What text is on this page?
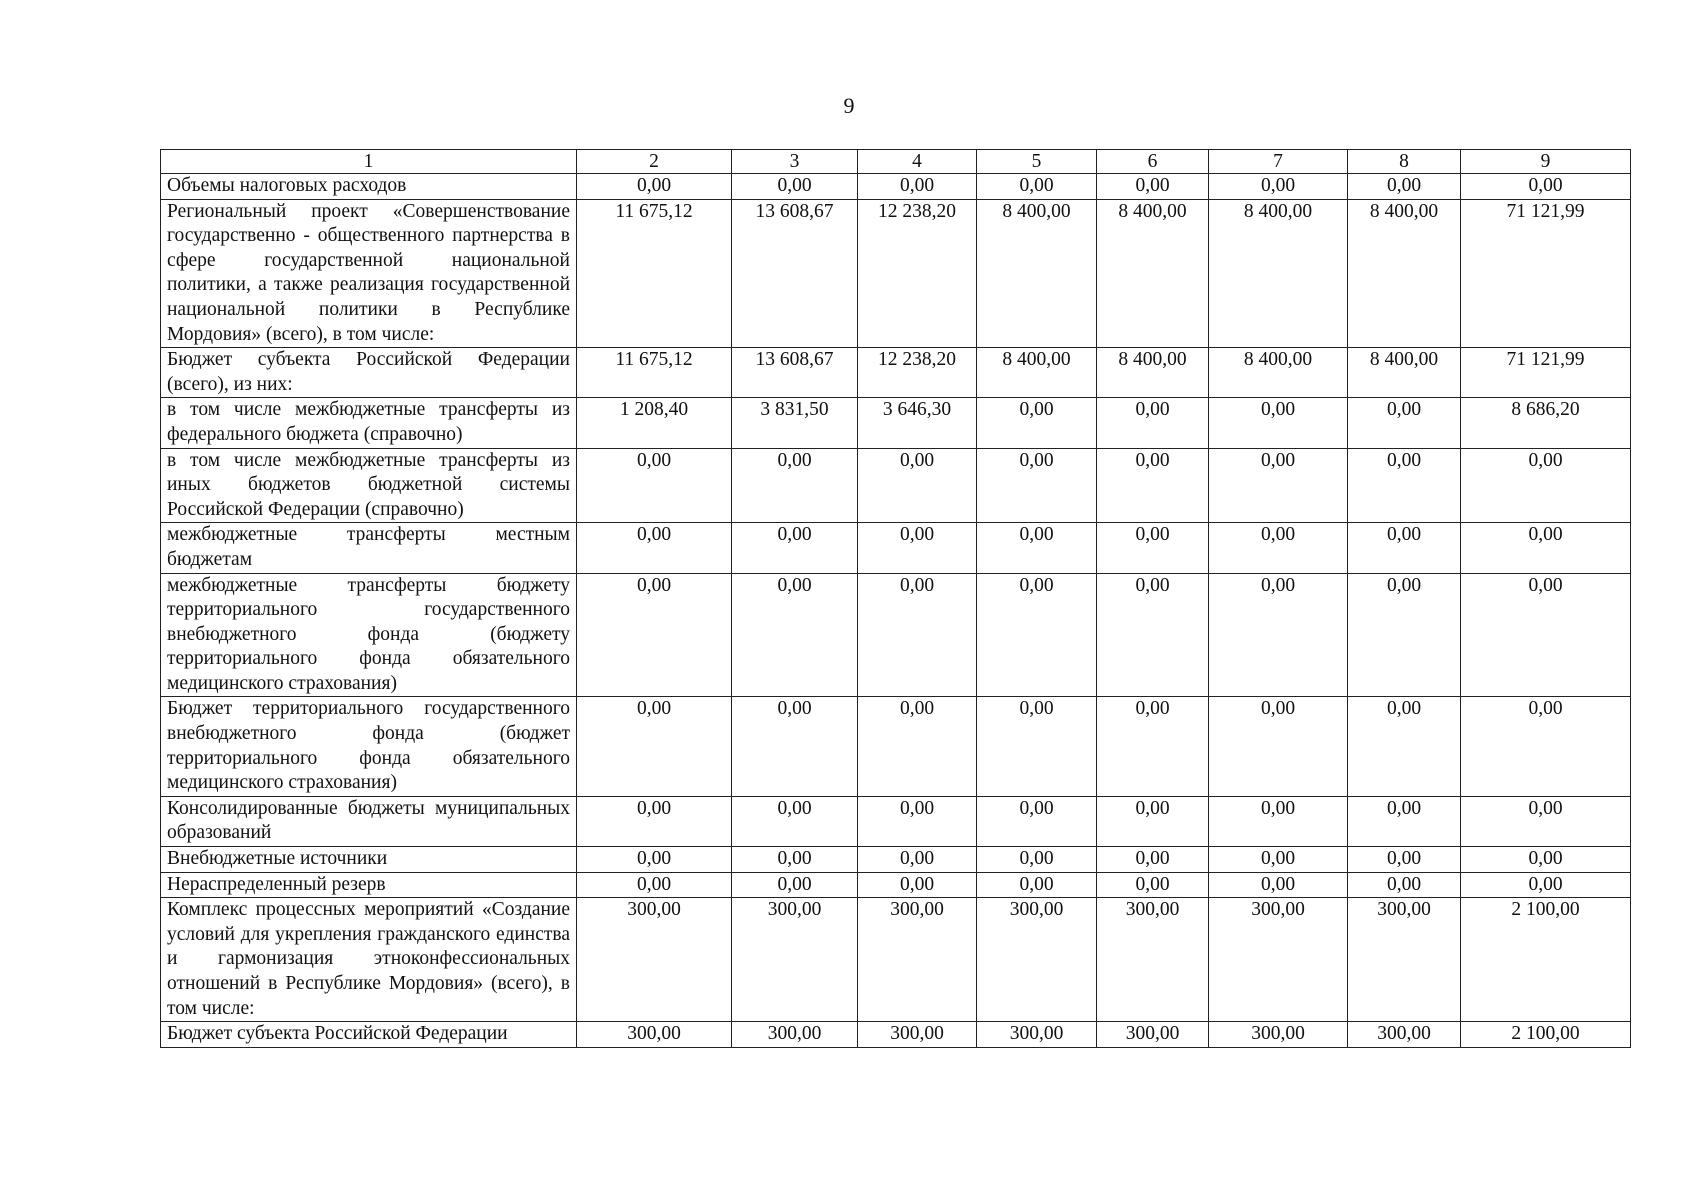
9
1	2	3	4	5	6	7	8	9
Объемы налоговых расходов	0,00	0,00	0,00	0,00	0,00	0,00	0,00	0,00
Региональный проект «Совершенствование государственно - общественного партнерства в сфере государственной национальной политики, а также реализация государственной национальной политики в Республике Мордовия» (всего), в том числе:	11 675,12	13 608,67	12 238,20	8 400,00	8 400,00	8 400,00	8 400,00	71 121,99
Бюджет субъекта Российской Федерации (всего), из них:	11 675,12	13 608,67	12 238,20	8 400,00	8 400,00	8 400,00	8 400,00	71 121,99
в том числе межбюджетные трансферты из федерального бюджета (справочно)	1 208,40	3 831,50	3 646,30	0,00	0,00	0,00	0,00	8 686,20
в том числе межбюджетные трансферты из иных бюджетов бюджетной системы Российской Федерации (справочно)	0,00	0,00	0,00	0,00	0,00	0,00	0,00	0,00
межбюджетные трансферты местным бюджетам	0,00	0,00	0,00	0,00	0,00	0,00	0,00	0,00
межбюджетные трансферты бюджету территориального государственного внебюджетного фонда (бюджету территориального фонда обязательного медицинского страхования)	0,00	0,00	0,00	0,00	0,00	0,00	0,00	0,00
Бюджет территориального государственного внебюджетного фонда (бюджет территориального фонда обязательного медицинского страхования)	0,00	0,00	0,00	0,00	0,00	0,00	0,00	0,00
Консолидированные бюджеты муниципальных образований	0,00	0,00	0,00	0,00	0,00	0,00	0,00	0,00
Внебюджетные источники	0,00	0,00	0,00	0,00	0,00	0,00	0,00	0,00
Нераспределенный резерв	0,00	0,00	0,00	0,00	0,00	0,00	0,00	0,00
Комплекс процессных мероприятий «Создание условий для укрепления гражданского единства и гармонизация этноконфессиональных отношений в Республике Мордовия» (всего), в том числе:	300,00	300,00	300,00	300,00	300,00	300,00	300,00	2 100,00
Бюджет субъекта Российской Федерации	300,00	300,00	300,00	300,00	300,00	300,00	300,00	2 100,00
